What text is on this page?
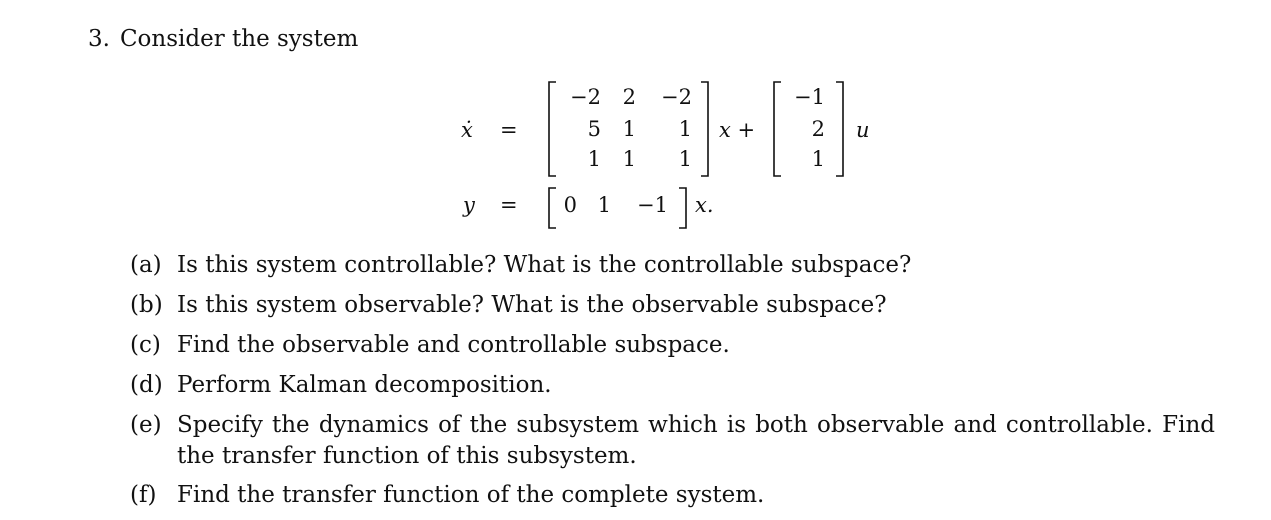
3. Consider the system
ẋ =
−2 2 −2
5 1 1
1 1 1
x +
−1
2
1
u
y = 0 1 −1 x.
(a) Is this system controllable? What is the controllable subspace?
(b) Is this system observable? What is the observable subspace?
(c) Find the observable and controllable subspace.
(d) Perform Kalman decomposition.
(e) Specify the dynamics of the subsystem which is both observable and controllable. Find the transfer function of this subsystem.
(f) Find the transfer function of the complete system.
